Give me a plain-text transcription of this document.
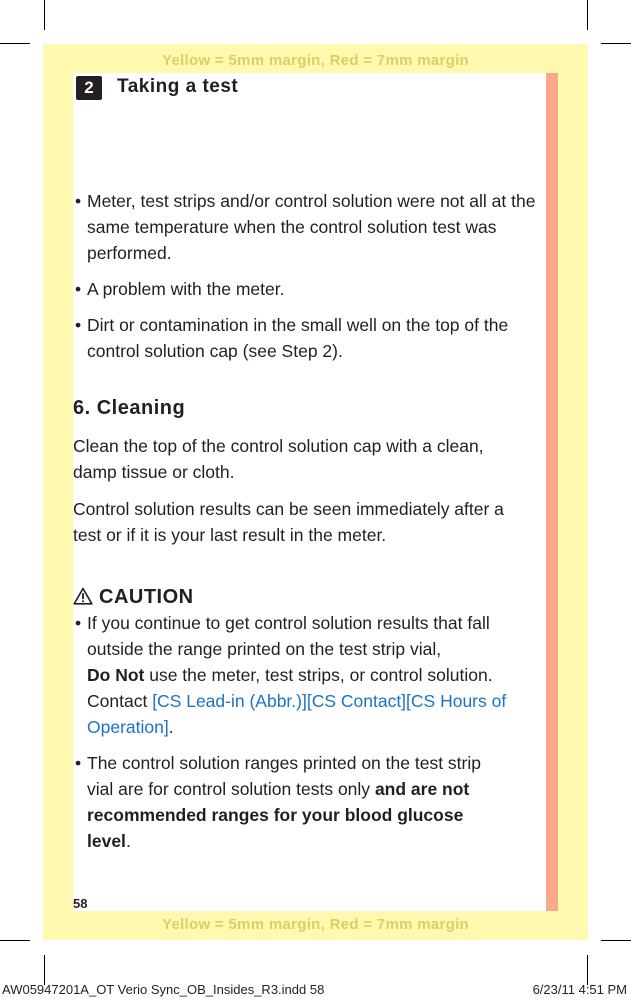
Yellow = 5mm margin, Red = 7mm margin
Yellow = 5mm margin, Red = 7mm margin
2	Taking a test

• Meter, test strips and/or control solution were not all at the same temperature when the control solution test was performed.

• A problem with the meter.

• Dirt or contamination in the small well on the top of the control solution cap (see Step 2).

6. Cleaning
Clean the top of the control solution cap with a clean, damp tissue or cloth.
Control solution results can be seen immediately after a test or if it is your last result in the meter.
CAUTION

• If you continue to get control solution results that fall outside the range printed on the test strip vial,
Do Not use the meter, test strips, or control solution.
Contact [CS Lead-in (Abbr.)][CS Contact][CS Hours of Operation].

• The control solution ranges printed on the test strip vial are for control solution tests only and are not recommended ranges for your blood glucose level.

58
AW05947201A_OT Verio Sync_OB_Insides_R3.indd 58	6/23/11 4:51 PM
